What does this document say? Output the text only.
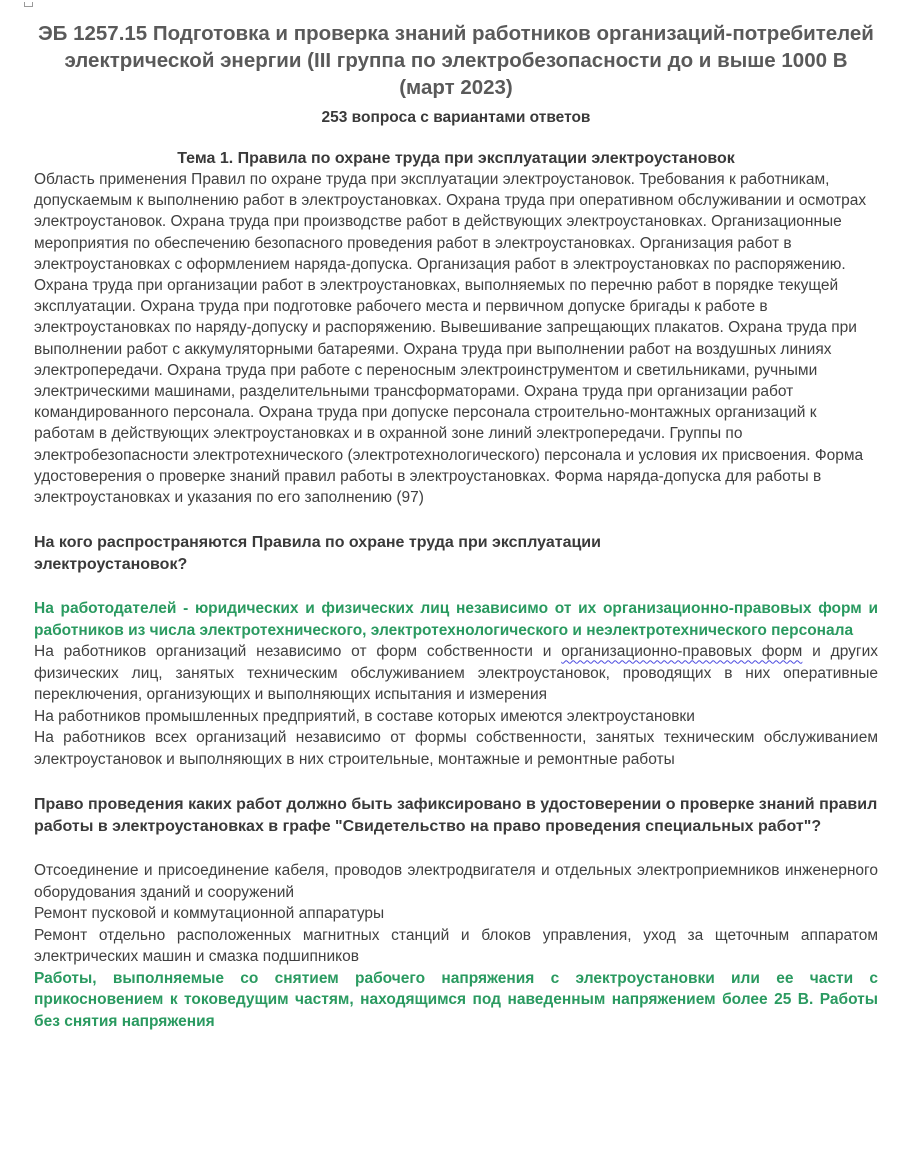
ЭБ 1257.15 Подготовка и проверка знаний работников организаций-потребителей электрической энергии (III группа по электробезопасности до и выше 1000 В (март 2023)

253 вопроса с вариантами ответов

Тема 1. Правила по охране труда при эксплуатации электроустановок

Область применения Правил по охране труда при эксплуатации электроустановок. Требования к работникам, допускаемым к выполнению работ в электроустановках. Охрана труда при оперативном обслуживании и осмотрах электроустановок. Охрана труда при производстве работ в действующих электроустановках. Организационные мероприятия по обеспечению безопасного проведения работ в электроустановках. Организация работ в электроустановках с оформлением наряда-допуска. Организация работ в электроустановках по распоряжению. Охрана труда при организации работ в электроустановках, выполняемых по перечню работ в порядке текущей эксплуатации. Охрана труда при подготовке рабочего места и первичном допуске бригады к работе в электроустановках по наряду-допуску и распоряжению. Вывешивание запрещающих плакатов. Охрана труда при выполнении работ с аккумуляторными батареями. Охрана труда при выполнении работ на воздушных линиях электропередачи. Охрана труда при работе с переносным электроинструментом и светильниками, ручными электрическими машинами, разделительными трансформаторами. Охрана труда при организации работ командированного персонала. Охрана труда при допуске персонала строительно-монтажных организаций к работам в действующих электроустановках и в охранной зоне линий электропередачи. Группы по электробезопасности электротехнического (электротехнологического) персонала и условия их присвоения. Форма удостоверения о проверке знаний правил работы в электроустановках. Форма наряда-допуска для работы в электроустановках и указания по его заполнению (97)

На кого распространяются Правила по охране труда при эксплуатации электроустановок?

На работодателей - юридических и физических лиц независимо от их организационно-правовых форм и работников из числа электротехнического, электротехнологического и неэлектротехнического персонала

На работников организаций независимо от форм собственности и организационно-правовых форм и других физических лиц, занятых техническим обслуживанием электроустановок, проводящих в них оперативные переключения, организующих и выполняющих испытания и измерения

На работников промышленных предприятий, в составе которых имеются электроустановки

На работников всех организаций независимо от формы собственности, занятых техническим обслуживанием электроустановок и выполняющих в них строительные, монтажные и ремонтные работы

Право проведения каких работ должно быть зафиксировано в удостоверении о проверке знаний правил работы в электроустановках в графе "Свидетельство на право проведения специальных работ"?

Отсоединение и присоединение кабеля, проводов электродвигателя и отдельных электроприемников инженерного оборудования зданий и сооружений

Ремонт пусковой и коммутационной аппаратуры

Ремонт отдельно расположенных магнитных станций и блоков управления, уход за щеточным аппаратом электрических машин и смазка подшипников

Работы, выполняемые со снятием рабочего напряжения с электроустановки или ее части с прикосновением к токоведущим частям, находящимся под наведенным напряжением более 25 В. Работы без снятия напряжения
